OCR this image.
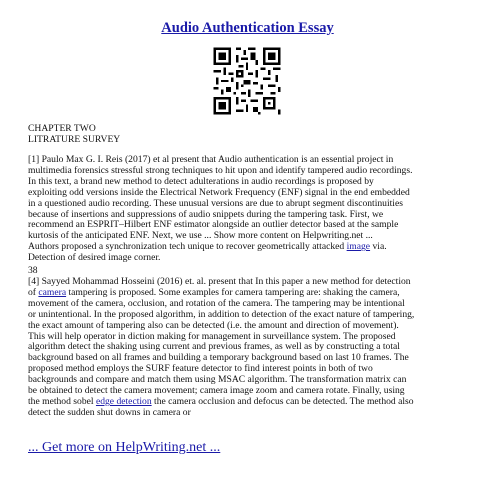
Audio Authentication Essay
CHAPTER TWO
LITRATURE SURVEY
[1] Paulo Max G. I. Reis (2017) et al present that Audio authentication is an essential project in
multimedia forensics stressful strong techniques to hit upon and identify tampered audio recordings.
In this text, a brand new method to detect adulterations in audio recordings is proposed by
exploiting odd versions inside the Electrical Network Frequency (ENF) signal in the end embedded
in a questioned audio recording. These unusual versions are due to abrupt segment discontinuities
because of insertions and suppressions of audio snippets during the tampering task. First, we
recommend an ESPRIT–Hilbert ENF estimator alongside an outlier detector based at the sample
kurtosis of the anticipated ENF. Next, we use ... Show more content on Helpwriting.net ...
Authors proposed a synchronization tech unique to recover geometrically attacked image via.
Detection of desired image corner.
38
[4] Sayyed Mohammad Hosseini (2016) et. al. present that In this paper a new method for detection
of camera tampering is proposed. Some examples for camera tampering are: shaking the camera,
movement of the camera, occlusion, and rotation of the camera. The tampering may be intentional
or unintentional. In the proposed algorithm, in addition to detection of the exact nature of tampering,
the exact amount of tampering also can be detected (i.e. the amount and direction of movement).
This will help operator in diction making for management in surveillance system. The proposed
algorithm detect the shaking using current and previous frames, as well as by constructing a total
background based on all frames and building a temporary background based on last 10 frames. The
proposed method employs the SURF feature detector to find interest points in both of two
backgrounds and compare and match them using MSAC algorithm. The transformation matrix can
be obtained to detect the camera movement; camera image zoom and camera rotate. Finally, using
the method sobel edge detection the camera occlusion and defocus can be detected. The method also
detect the sudden shut downs in camera or
... Get more on HelpWriting.net ...
